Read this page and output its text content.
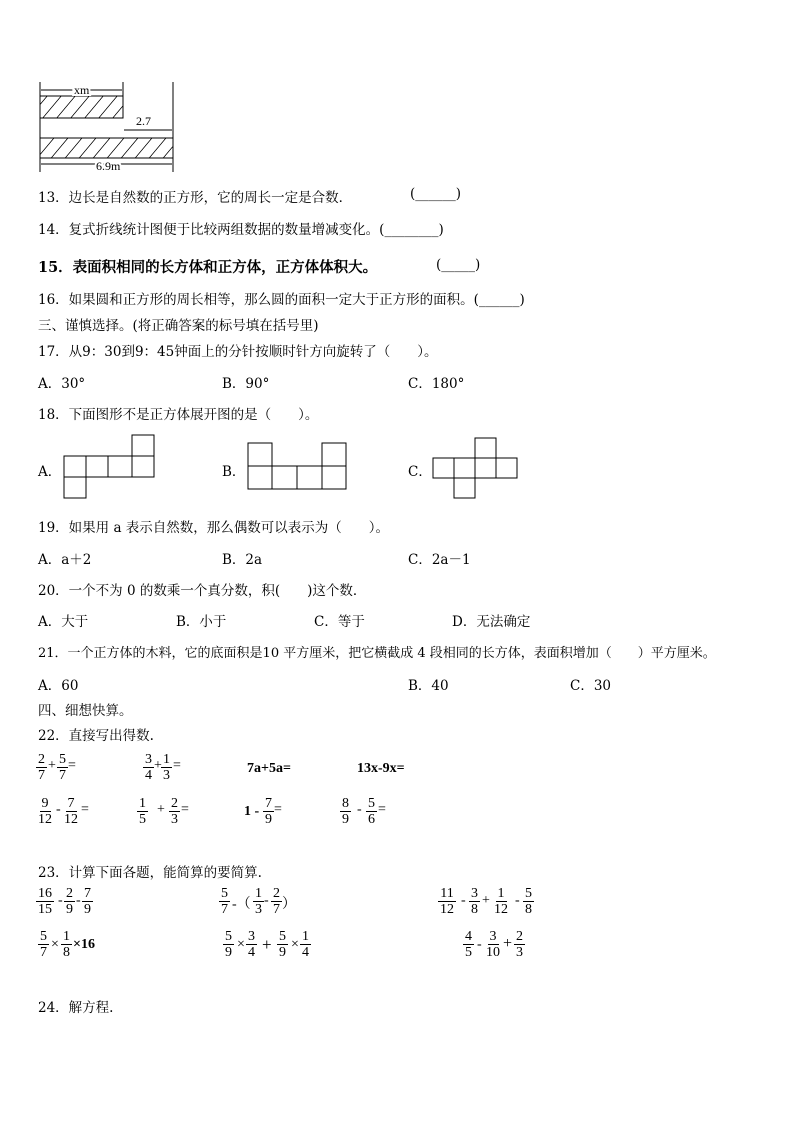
xm
2.7
6.9m
13．边长是自然数的正方形，它的周长一定是合数．	(______)
14．复式折线统计图便于比较两组数据的数量增减变化。(________)
15．表面积相同的长方体和正方体，正方体体积大。	(_____)
16．如果圆和正方形的周长相等，那么圆的面积一定大于正方形的面积。(______)
三、谨慎选择。(将正确答案的标号填在括号里)
17．从9：30到9：45钟面上的分针按顺时针方向旋转了（　　）。
A．30°	B．90°	C．180°
18．下面图形不是正方体展开图的是（　　）。
A．	B．	C．
19．如果用 a 表示自然数，那么偶数可以表示为（　　）。
A．a＋2	B．2a	C．2a－1
20．一个不为 0 的数乘一个真分数，积(　　)这个数．
A．大于	B．小于	C．等于	D．无法确定
21．一个正方体的木料，它的底面积是10 平方厘米，把它横截成 4 段相同的长方体，表面积增加（　　）平方厘米。
A．60	B．40	C．30
四、细想快算。
22．直接写出得数.
$\frac{2}{7} + \frac{5}{7}$ =	$\frac{3}{4} + \frac{1}{3}$ =	7a+5a=	13x-9x=
$\frac{9}{12} - \frac{7}{12}$ =	$\frac{1}{5} + \frac{2}{3}$ =	$1 - \frac{7}{9}$ =	$\frac{8}{9} - \frac{5}{6}$ =
23．计算下面各题，能简算的要简算.
$\frac{16}{15} - \frac{2}{9} - \frac{7}{9}$	$\frac{5}{7}$ -（ $\frac{1}{3} - \frac{2}{7}$ ）	$\frac{11}{12} - \frac{3}{8} + \frac{1}{12} - \frac{5}{8}$
$\frac{5}{7} \times \frac{1}{8} \times 16$	$\frac{5}{9} \times \frac{3}{4} + \frac{5}{9} \times \frac{1}{4}$	$\frac{4}{5} - \frac{3}{10} + \frac{2}{3}$
24．解方程.
